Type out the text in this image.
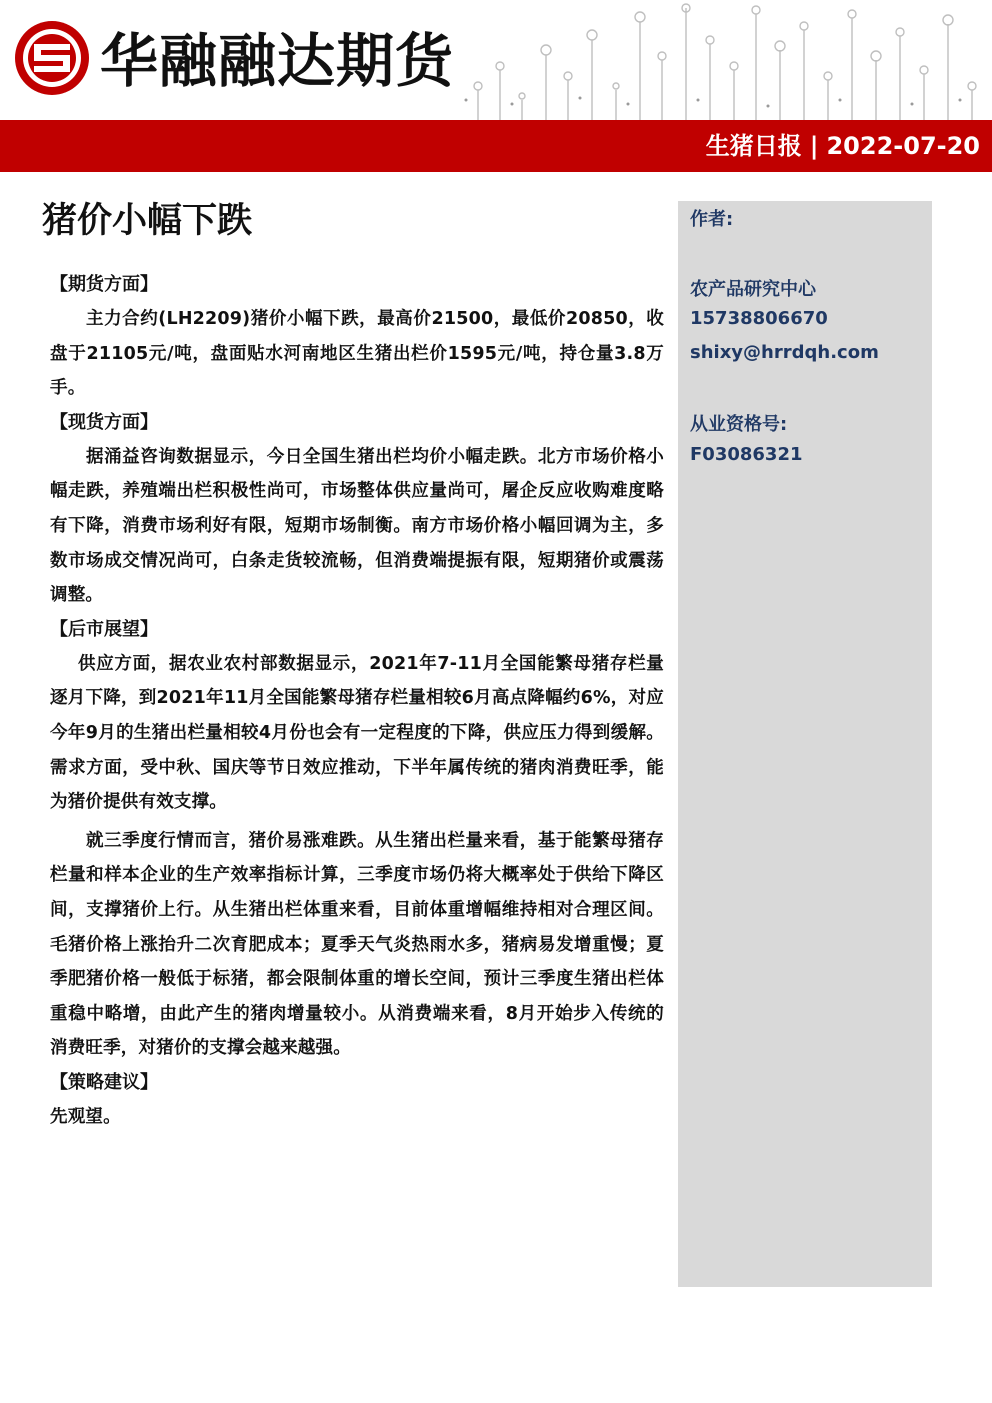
华融融达期货
生猪日报 | 2022-07-20
猪价小幅下跌
【期货方面】

主力合约(LH2209)猪价小幅下跌，最高价21500，最低价20850，收盘于21105元/吨，盘面贴水河南地区生猪出栏价1595元/吨，持仓量3.8万手。

【现货方面】

据涌益咨询数据显示，今日全国生猪出栏均价小幅走跌。北方市场价格小幅走跌，养殖端出栏积极性尚可，市场整体供应量尚可，屠企反应收购难度略有下降，消费市场利好有限，短期市场制衡。南方市场价格小幅回调为主，多数市场成交情况尚可，白条走货较流畅，但消费端提振有限，短期猪价或震荡调整。

【后市展望】

供应方面，据农业农村部数据显示，2021年7-11月全国能繁母猪存栏量逐月下降，到2021年11月全国能繁母猪存栏量相较6月高点降幅约6%，对应今年9月的生猪出栏量相较4月份也会有一定程度的下降，供应压力得到缓解。需求方面，受中秋、国庆等节日效应推动，下半年属传统的猪肉消费旺季，能为猪价提供有效支撑。

就三季度行情而言，猪价易涨难跌。从生猪出栏量来看，基于能繁母猪存栏量和样本企业的生产效率指标计算，三季度市场仍将大概率处于供给下降区间，支撑猪价上行。从生猪出栏体重来看，目前体重增幅维持相对合理区间。毛猪价格上涨抬升二次育肥成本；夏季天气炎热雨水多，猪病易发增重慢；夏季肥猪价格一般低于标猪，都会限制体重的增长空间，预计三季度生猪出栏体重稳中略增，由此产生的猪肉增量较小。从消费端来看，8月开始步入传统的消费旺季，对猪价的支撑会越来越强。

【策略建议】

先观望。

作者:
农产品研究中心
15738806670
shixy@hrrdqh.com
从业资格号:
F03086321
